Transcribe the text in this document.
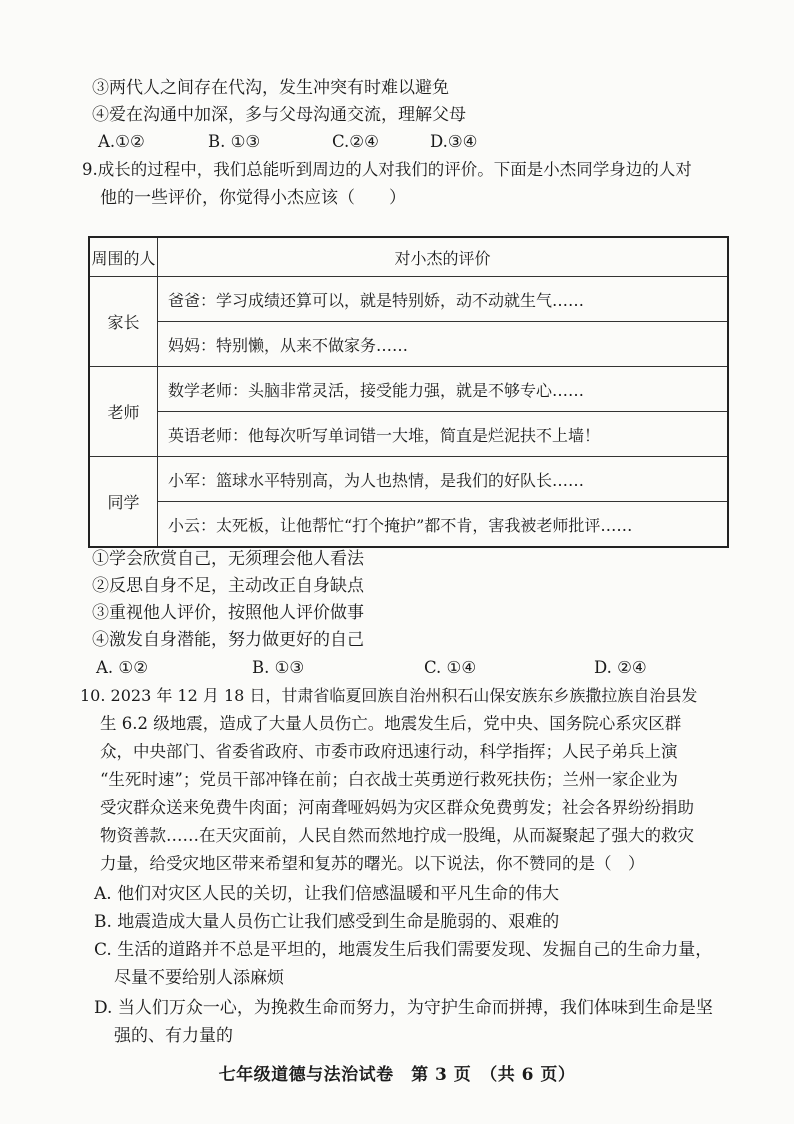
③两代人之间存在代沟，发生冲突有时难以避免
④爱在沟通中加深，多与父母沟通交流，理解父母
A.①②	B. ①③	C.②④	D.③④
9.成长的过程中，我们总能听到周边的人对我们的评价。下面是小杰同学身边的人对
他的一些评价，你觉得小杰应该（　　）
周围的人	对小杰的评价
家长	爸爸：学习成绩还算可以，就是特别娇，动不动就生气……
	妈妈：特别懒，从来不做家务……
老师	数学老师：头脑非常灵活，接受能力强，就是不够专心……
	英语老师：他每次听写单词错一大堆，简直是烂泥扶不上墙！
同学	小军：篮球水平特别高，为人也热情，是我们的好队长……
	小云：太死板，让他帮忙“打个掩护”都不肯，害我被老师批评……
①学会欣赏自己，无须理会他人看法
②反思自身不足，主动改正自身缺点
③重视他人评价，按照他人评价做事
④激发自身潜能，努力做更好的自己
A. ①②	B. ①③	C. ①④	D. ②④
10. 2023 年 12 月 18 日，甘肃省临夏回族自治州积石山保安族东乡族撒拉族自治县发
生 6.2 级地震，造成了大量人员伤亡。地震发生后，党中央、国务院心系灾区群
众，中央部门、省委省政府、市委市政府迅速行动，科学指挥；人民子弟兵上演
“生死时速”；党员干部冲锋在前；白衣战士英勇逆行救死扶伤；兰州一家企业为
受灾群众送来免费牛肉面；河南聋哑妈妈为灾区群众免费剪发；社会各界纷纷捐助
物资善款……在天灾面前，人民自然而然地拧成一股绳，从而凝聚起了强大的救灾
力量，给受灾地区带来希望和复苏的曙光。以下说法，你不赞同的是（　）
A. 他们对灾区人民的关切，让我们倍感温暖和平凡生命的伟大
B. 地震造成大量人员伤亡让我们感受到生命是脆弱的、艰难的
C. 生活的道路并不总是平坦的，地震发生后我们需要发现、发掘自己的生命力量，
尽量不要给别人添麻烦
D. 当人们万众一心，为挽救生命而努力，为守护生命而拼搏，我们体味到生命是坚
强的、有力量的
七年级道德与法治试卷　第 3 页　（共 6 页）
